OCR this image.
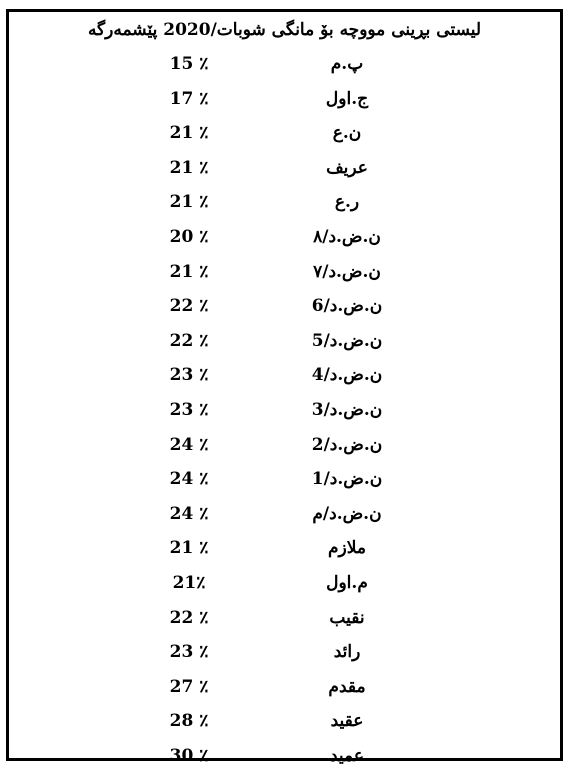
لیستی بڕینی مووچە بۆ مانگی شوبات/2020 پێشمەرگە
پ.م
15 ٪
ج.اول
17 ٪
ن.ع
21 ٪
عريف
21 ٪
ر.ع
21 ٪
ن.ض.د/٨
20 ٪
ن.ض.د/٧
21 ٪
ن.ض.د/6
22 ٪
ن.ض.د/5
22 ٪
ن.ض.د/4
23 ٪
ن.ض.د/3
23 ٪
ن.ض.د/2
24 ٪
ن.ض.د/1
24 ٪
ن.ض.د/م
24 ٪
ملازم
21 ٪
م.اول
21٪
نقيب
22 ٪
رائد
23 ٪
مقدم
27 ٪
عقيد
28 ٪
عميد
30 ٪
